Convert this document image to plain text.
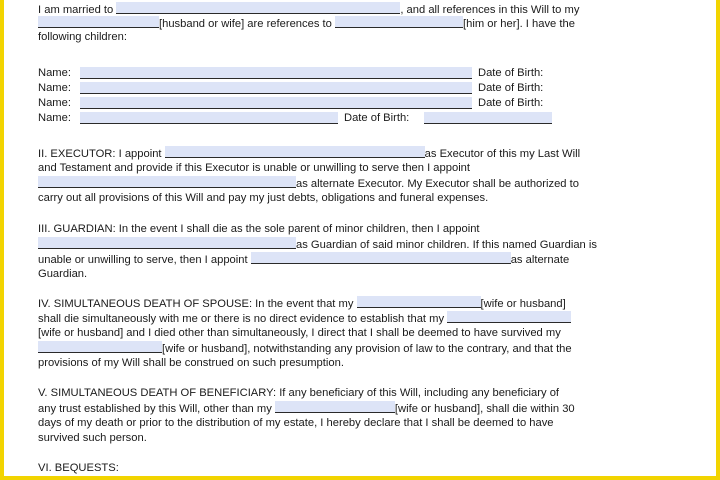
I am married to	, and all references in this Will to my
[husband or wife] are references to	[him or her]. I have the
following children:
Name:	Date of Birth:
Name:	Date of Birth:
Name:	Date of Birth:
Name:	Date of Birth:
II. EXECUTOR: I appoint	as Executor of this my Last Will
and Testament and provide if this Executor is unable or unwilling to serve then I appoint
as alternate Executor. My Executor shall be authorized to
carry out all provisions of this Will and pay my just debts, obligations and funeral expenses.
III. GUARDIAN: In the event I shall die as the sole parent of minor children, then I appoint
as Guardian of said minor children. If this named Guardian is
unable or unwilling to serve, then I appoint	as alternate
Guardian.
IV. SIMULTANEOUS DEATH OF SPOUSE: In the event that my	[wife or husband]
shall die simultaneously with me or there is no direct evidence to establish that my
[wife or husband] and I died other than simultaneously, I direct that I shall be deemed to have survived my
[wife or husband], notwithstanding any provision of law to the contrary, and that the
provisions of my Will shall be construed on such presumption.
V. SIMULTANEOUS DEATH OF BENEFICIARY: If any beneficiary of this Will, including any beneficiary of
any trust established by this Will, other than my	[wife or husband], shall die within 30
days of my death or prior to the distribution of my estate, I hereby declare that I shall be deemed to have
survived such person.
VI. BEQUESTS:
